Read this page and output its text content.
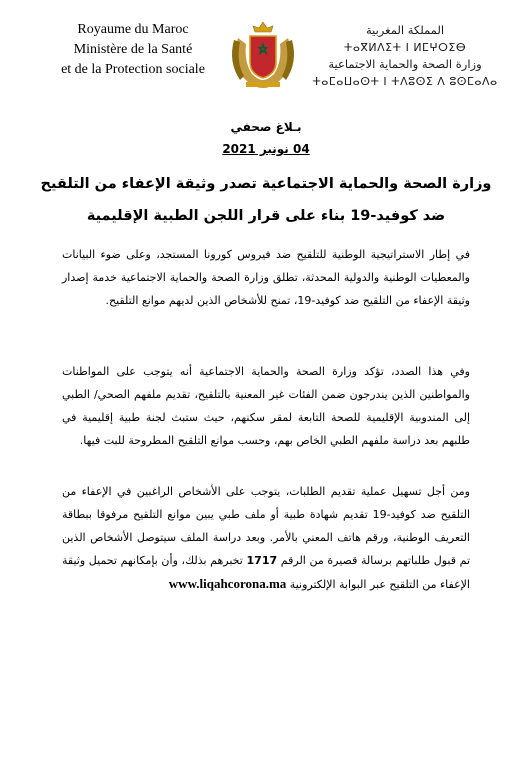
Royaume du Maroc
Ministère de la Santé
et de la Protection sociale
المملكة المغربية
ⵜⴰⴳⵍⴷⵉⵜ ⵏ ⵍⵎⵖⵔⵉⴱ
وزارة الصحة والحماية الاجتماعية
ⵜⴰⵎⴰⵡⴰⵙⵜ ⵏ ⵜⴷⵓⵙⵉ ⴷ ⵓⵙⵎⴰⴷⴰ
بـلاغ صحفي
04 نونبر 2021
وزارة الصحة والحماية الاجتماعية تصدر وثيقة الإعفاء من التلقيح
ضد كوفيد-19 بناء على قرار اللجن الطبية الإقليمية
في إطار الاستراتيجية الوطنية للتلقيح ضد فيروس كورونا المستجد، وعلى ضوء البيانات والمعطيات الوطنية والدولية المحدثة، تطلق وزارة الصحة والحماية الاجتماعية خدمة إصدار وثيقة الإعفاء من التلقيح ضد كوفيد-19، تمنح للأشخاص الذين لديهم موانع التلقيح.
وفي هذا الصدد، تؤكد وزارة الصحة والحماية الاجتماعية أنه يتوجب على المواطنات والمواطنين الذين يندرجون ضمن الفئات غير المعنية بالتلقيح، تقديم ملفهم الصحي/ الطبي إلى المندوبية الإقليمية للصحة التابعة لمقر سكنهم، حيث ستبث لجنة طبية إقليمية في طلبهم بعد دراسة ملفهم الطبي الخاص بهم، وحسب موانع التلقيح المطروحة للبت فيها.
ومن أجل تسهيل عملية تقديم الطلبات، يتوجب على الأشخاص الراغبين في الإعفاء من التلقيح ضد كوفيد-19 تقديم شهادة طبية أو ملف طبي يبين موانع التلقيح مرفوقا ببطاقة التعريف الوطنية، ورقم هاتف المعني بالأمر. وبعد دراسة الملف سيتوصل الأشخاص الذين تم قبول طلباتهم برسالة قصيرة من الرقم 1717 تخبرهم بذلك، وأن بإمكانهم تحميل وثيقة الإعفاء من التلقيح عبر البوابة الإلكترونية www.liqahcorona.ma
